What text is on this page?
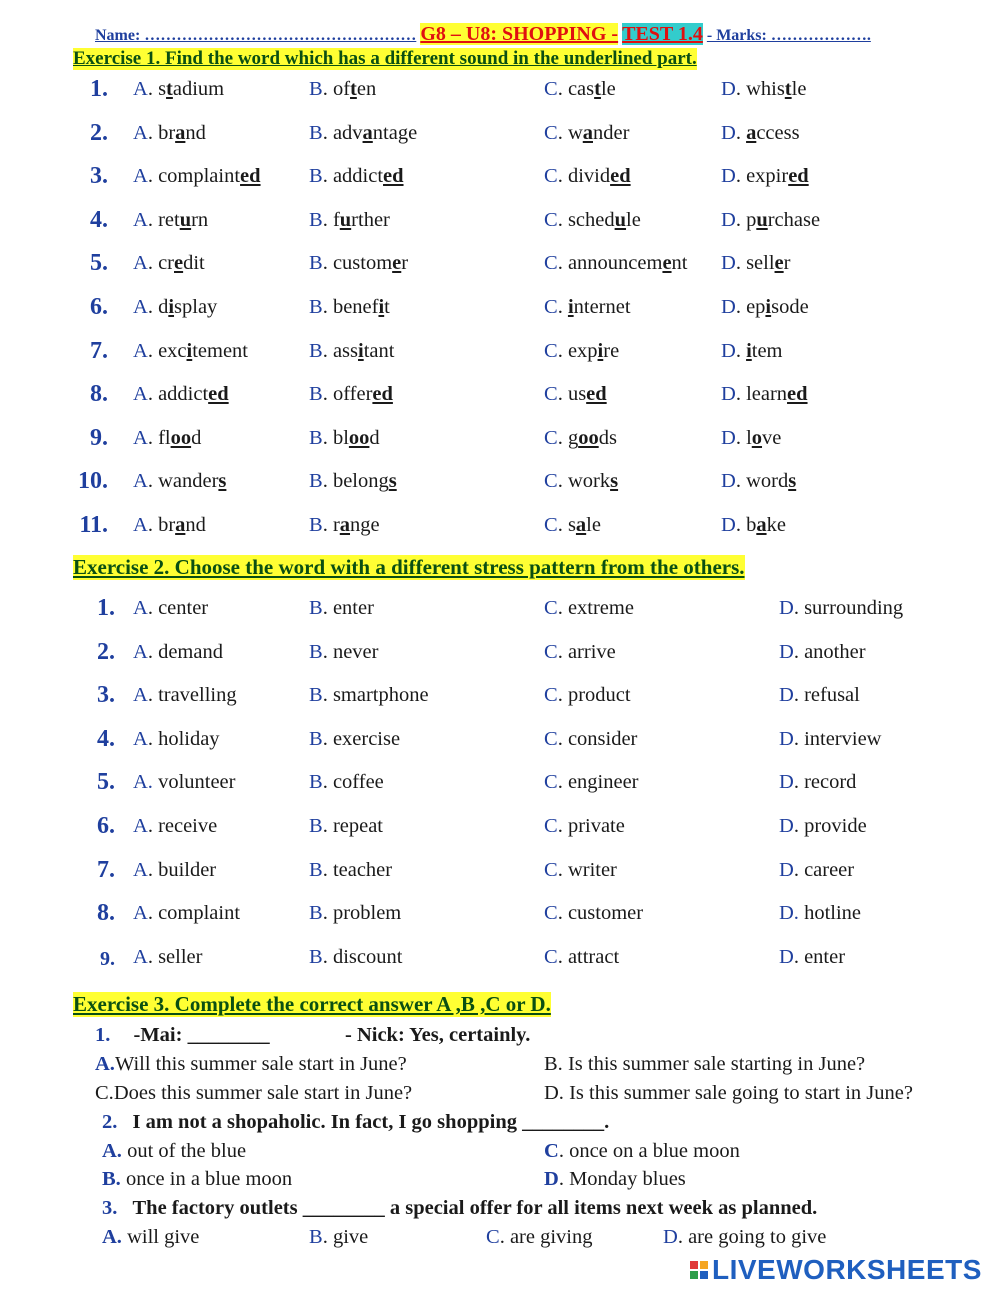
Name: …………………………………………… G8 – U8: SHOPPING - TEST 1.4 - Marks: ……………….
Exercise 1. Find the word which has a different sound in the underlined part.
1. A. stadium	B. often	C. castle	D. whistle
2. A. brand	B. advantage	C. wander	D. access
3. A. complainted B. addicted	C. divided	D. expired
4. A. return	B. further	C. schedule	D. purchase
5. A. credit	B. customer	C. announcement D. seller
6. A. display	B. benefit	C. internet	D. episode
7. A. excitement	B. assitant	C. expire	D. item
8. A. addicted	B. offered	C. used	D. learned
9. A. flood	B. blood	C. goods	D. love
10. A. wanders	B. belongs	C. works	D. words
11. A. brand	B. range	C. sale	D. bake
Exercise 2. Choose the word with a different stress pattern from the others.
1. A. center	B. enter	C. extreme	D. surrounding
2. A. demand	B. never	C. arrive	D. another
3. A. travelling	B. smartphone	C. product	D. refusal
4. A. holiday	B. exercise	C. consider	D. interview
5. A. volunteer	B. coffee	C. engineer	D. record
6. A. receive	B. repeat	C. private	D. provide
7. A. builder	B. teacher	C. writer	D. career
8. A. complaint	B. problem	C. customer	D. hotline
9. A. seller	B. discount	C. attract	D. enter
Exercise 3. Complete the correct answer A ,B ,C or D.
1. -Mai: ________	- Nick: Yes, certainly.
A.Will this summer sale start in June?	B. Is this summer sale starting in June?
C.Does this summer sale start in June?	D. Is this summer sale going to start in June?
2. I am not a shopaholic. In fact, I go shopping ________.
A. out of the blue	C. once on a blue moon
B. once in a blue moon	D. Monday blues
3. The factory outlets ________ a special offer for all items next week as planned.
A. will give	B. give	C. are giving	D. are going to give
LIVEWORKSHEETS
